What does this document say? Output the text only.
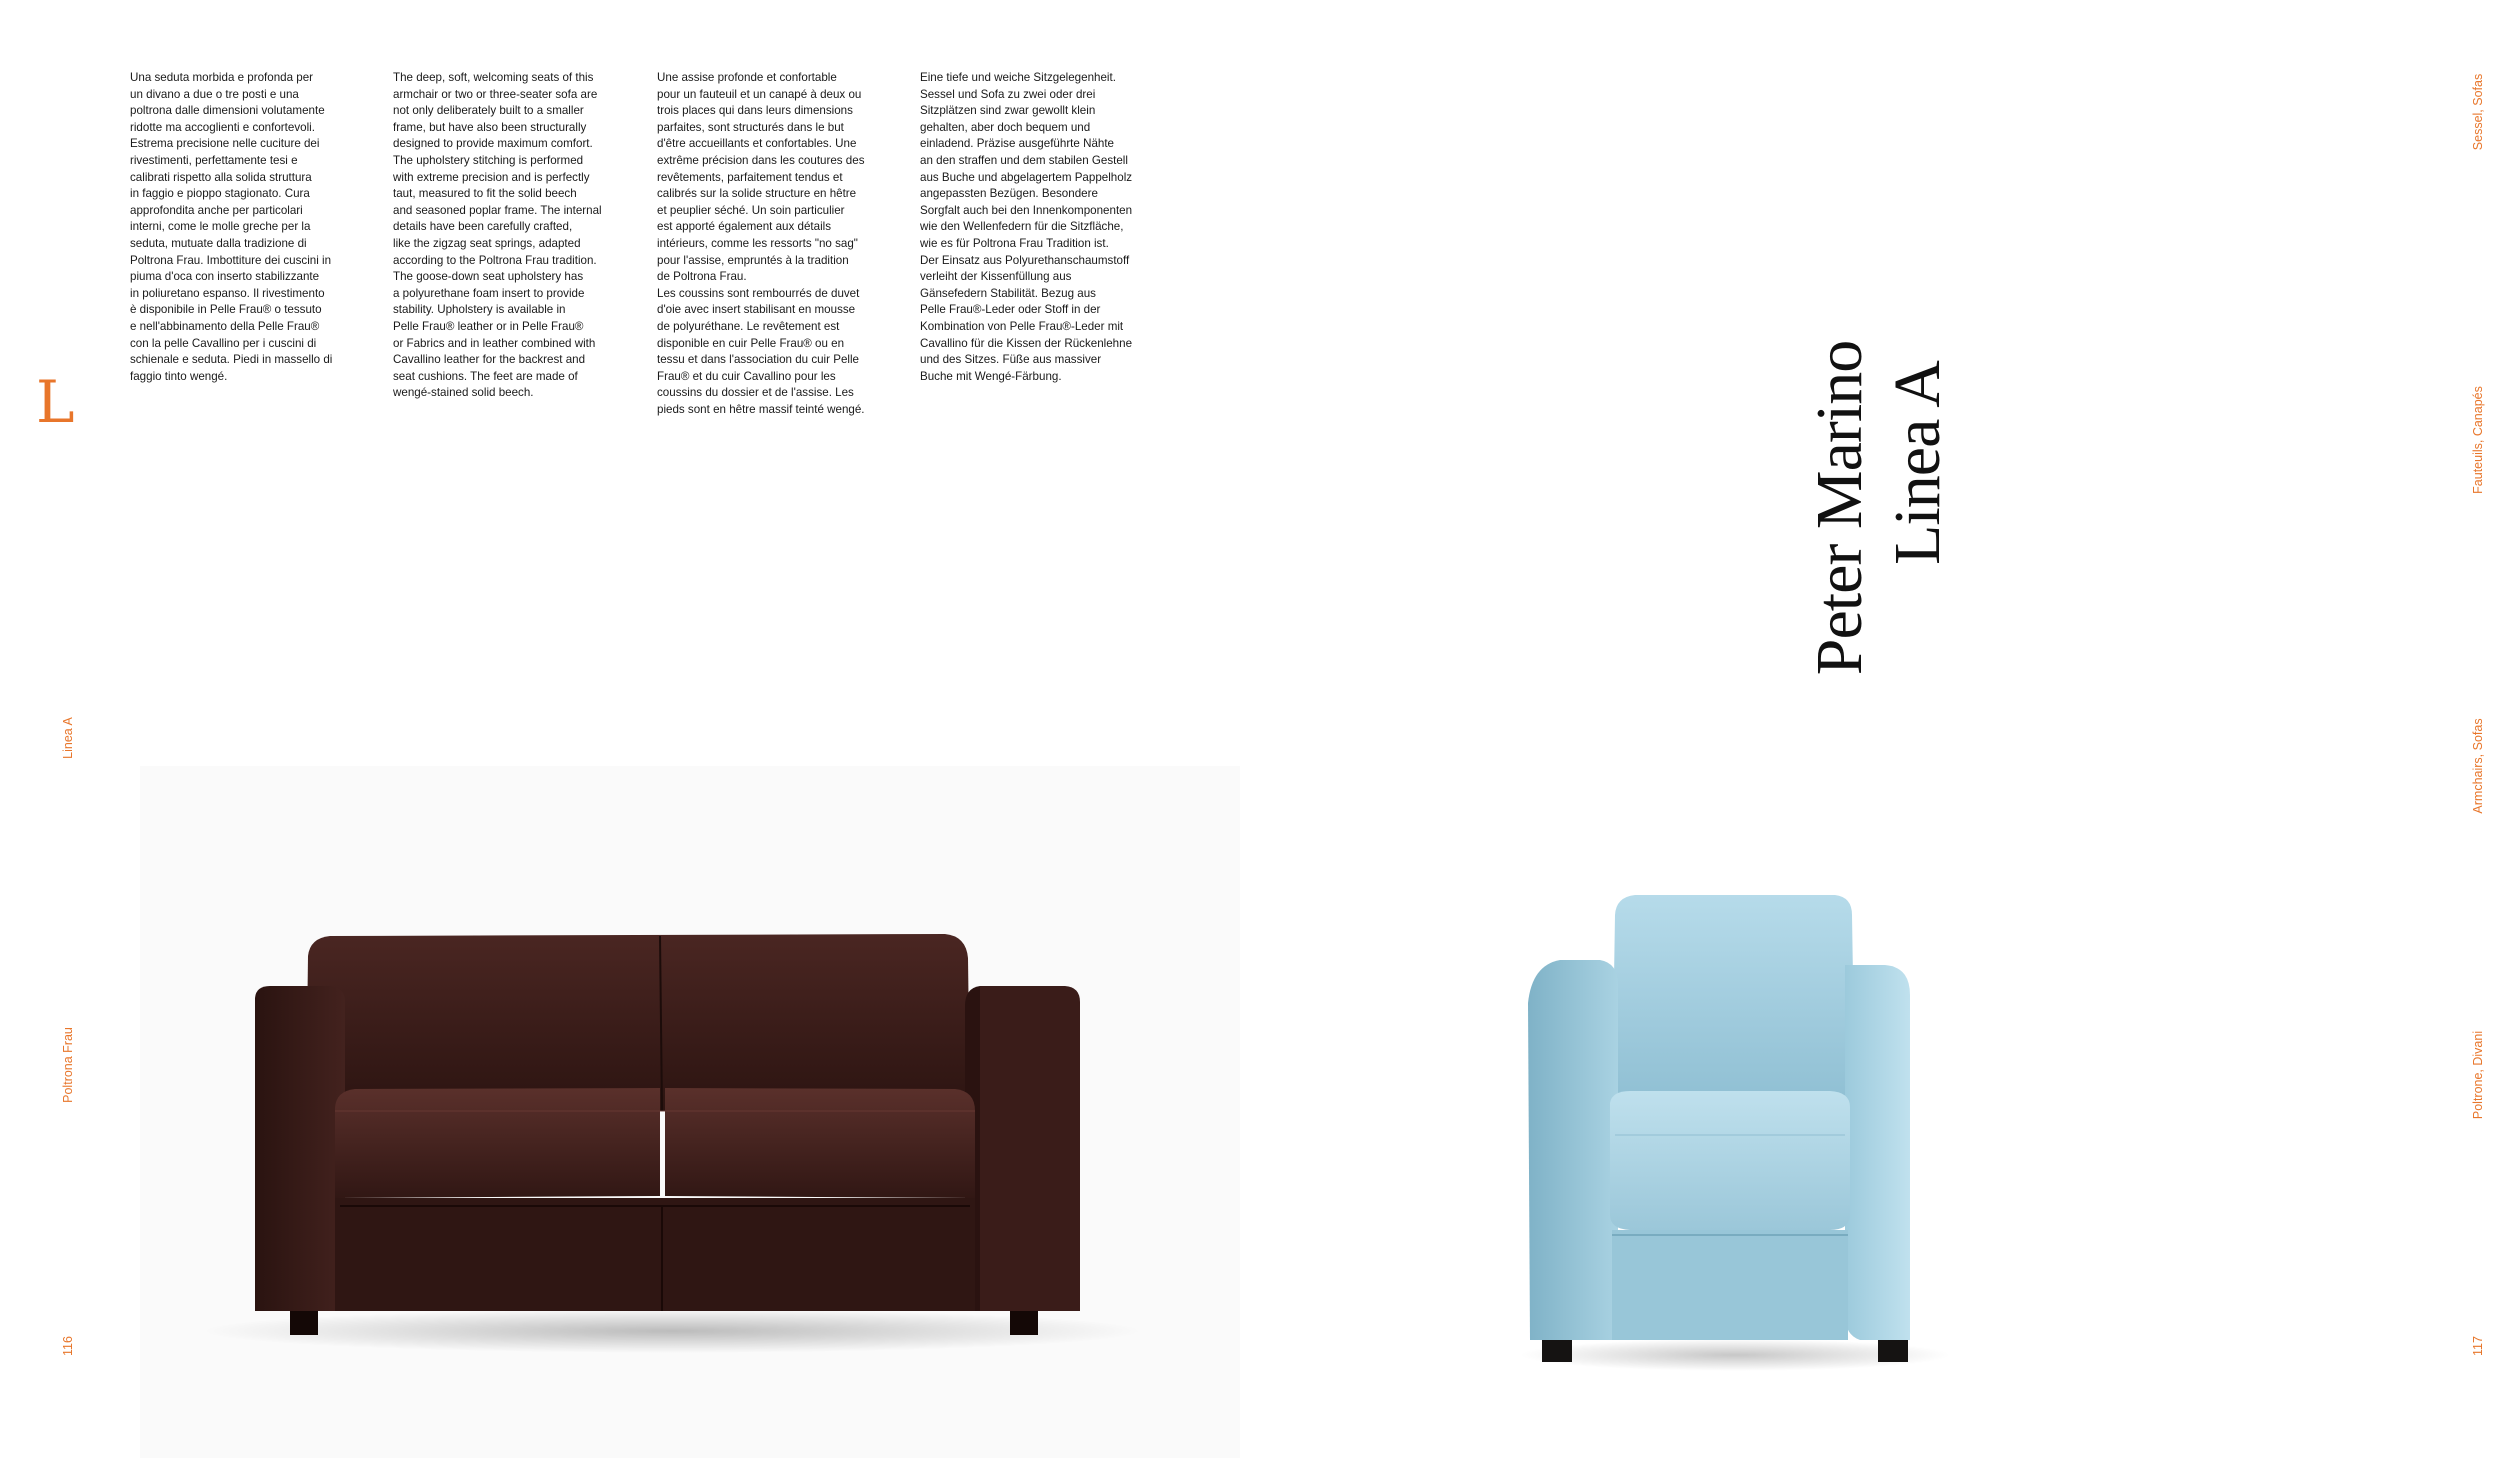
L
Una seduta morbida e profonda per
un divano a due o tre posti e una
poltrona dalle dimensioni volutamente
ridotte ma accoglienti e confortevoli.
Estrema precisione nelle cuciture dei
rivestimenti, perfettamente tesi e
calibrati rispetto alla solida struttura
in faggio e pioppo stagionato. Cura
approfondita anche per particolari
interni, come le molle greche per la
seduta, mutuate dalla tradizione di
Poltrona Frau. Imbottiture dei cuscini in
piuma d'oca con inserto stabilizzante
in poliuretano espanso. Il rivestimento
è disponibile in Pelle Frau® o tessuto
e nell'abbinamento della Pelle Frau®
con la pelle Cavallino per i cuscini di
schienale e seduta. Piedi in massello di
faggio tinto wengé.
The deep, soft, welcoming seats of this
armchair or two or three-seater sofa are
not only deliberately built to a smaller
frame, but have also been structurally
designed to provide maximum comfort.
The upholstery stitching is performed
with extreme precision and is perfectly
taut, measured to fit the solid beech
and seasoned poplar frame. The internal
details have been carefully crafted,
like the zigzag seat springs, adapted
according to the Poltrona Frau tradition.
The goose-down seat upholstery has
a polyurethane foam insert to provide
stability. Upholstery is available in
Pelle Frau® leather or in Pelle Frau®
or Fabrics and in leather combined with
Cavallino leather for the backrest and
seat cushions. The feet are made of
wengé-stained solid beech.
Une assise profonde et confortable
pour un fauteuil et un canapé à deux ou
trois places qui dans leurs dimensions
parfaites, sont structurés dans le but
d'être accueillants et confortables. Une
extrême précision dans les coutures des
revêtements, parfaitement tendus et
calibrés sur la solide structure en hêtre
et peuplier séché. Un soin particulier
est apporté également aux détails
intérieurs, comme les ressorts "no sag"
pour l'assise, empruntés à la tradition
de Poltrona Frau.
Les coussins sont rembourrés de duvet
d'oie avec insert stabilisant en mousse
de polyuréthane. Le revêtement est
disponible en cuir Pelle Frau® ou en
tessu et dans l'association du cuir Pelle
Frau® et du cuir Cavallino pour les
coussins du dossier et de l'assise. Les
pieds sont en hêtre massif teinté wengé.
Eine tiefe und weiche Sitzgelegenheit.
Sessel und Sofa zu zwei oder drei
Sitzplätzen sind zwar gewollt klein
gehalten, aber doch bequem und
einladend. Präzise ausgeführte Nähte
an den straffen und dem stabilen Gestell
aus Buche und abgelagertem Pappelholz
angepassten Bezügen. Besondere
Sorgfalt auch bei den Innenkomponenten
wie den Wellenfedern für die Sitzfläche,
wie es für Poltrona Frau Tradition ist.
Der Einsatz aus Polyurethanschaumstoff
verleiht der Kissenfüllung aus
Gänsefedern Stabilität. Bezug aus
Pelle Frau®-Leder oder Stoff in der
Kombination von Pelle Frau®-Leder mit
Cavallino für die Kissen der Rückenlehne
und des Sitzes. Füße aus massiver
Buche mit Wengé-Färbung.
Linea A
Poltrona Frau
116
Peter Marino Linea A
Sessel, Sofas
Fauteuils, Canapés
Armchairs, Sofas
Poltrone, Divani
117
